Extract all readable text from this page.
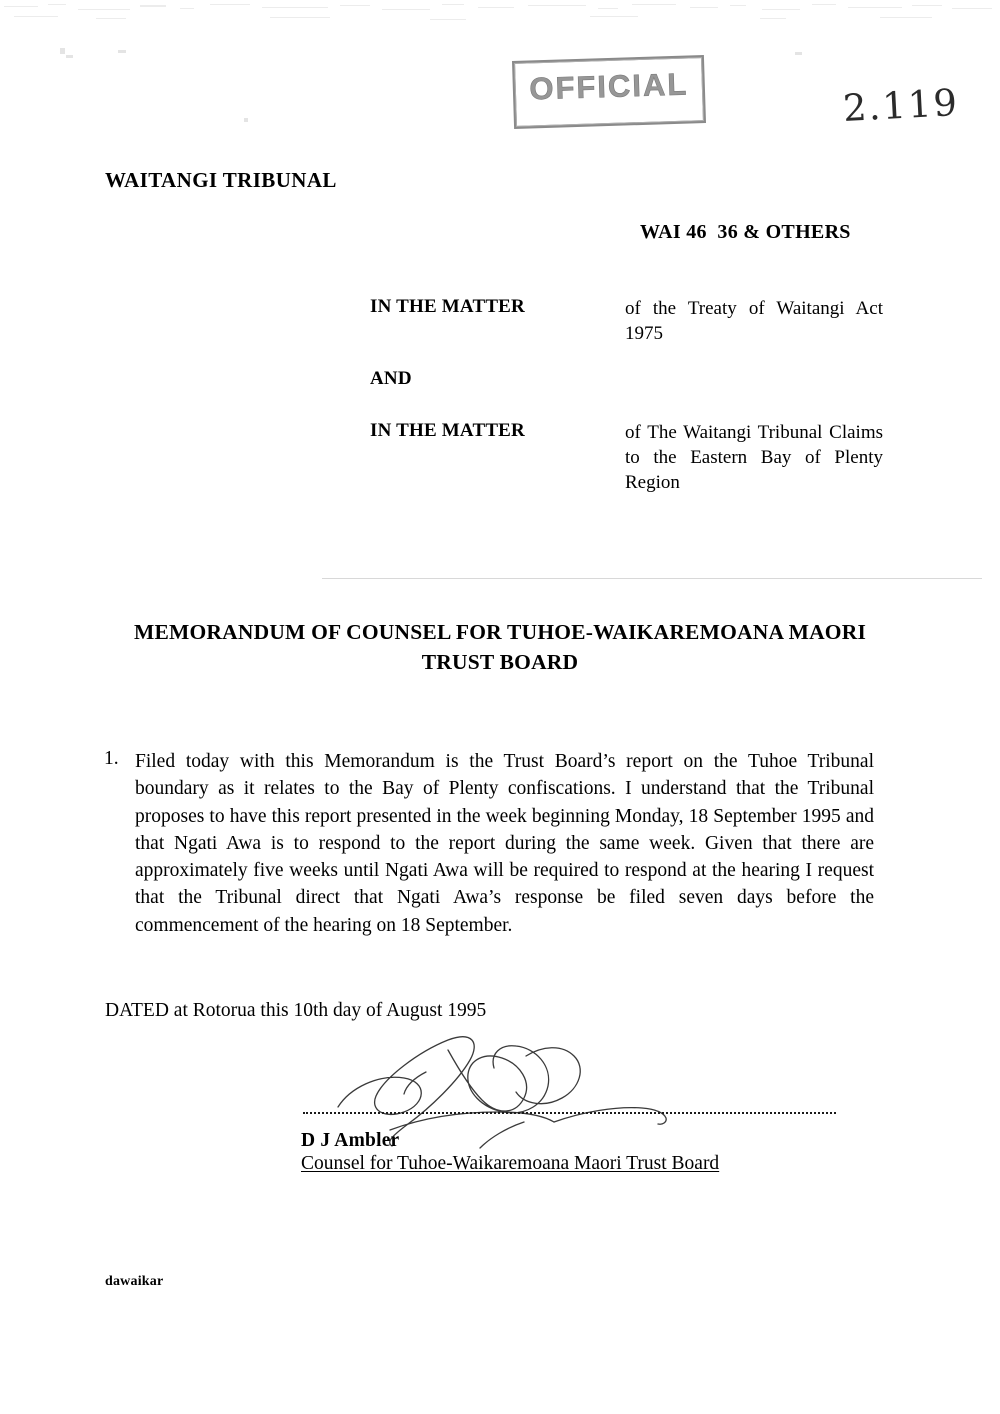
OFFICIAL	2.119
WAITANGI TRIBUNAL
WAI 46  36 & OTHERS
IN THE MATTER	of the Treaty of Waitangi Act 1975
AND
IN THE MATTER	of The Waitangi Tribunal Claims to the Eastern Bay of Plenty Region
MEMORANDUM OF COUNSEL FOR TUHOE-WAIKAREMOANA MAORI TRUST BOARD
1. Filed today with this Memorandum is the Trust Board’s report on the Tuhoe Tribunal boundary as it relates to the Bay of Plenty confiscations. I understand that the Tribunal proposes to have this report presented in the week beginning Monday, 18 September 1995 and that Ngati Awa is to respond to the report during the same week. Given that there are approximately five weeks until Ngati Awa will be required to respond at the hearing I request that the Tribunal direct that Ngati Awa’s response be filed seven days before the commencement of the hearing on 18 September.
DATED at Rotorua this 10th day of August 1995
D J Ambler
Counsel for Tuhoe-Waikaremoana Maori Trust Board
dawaikar
